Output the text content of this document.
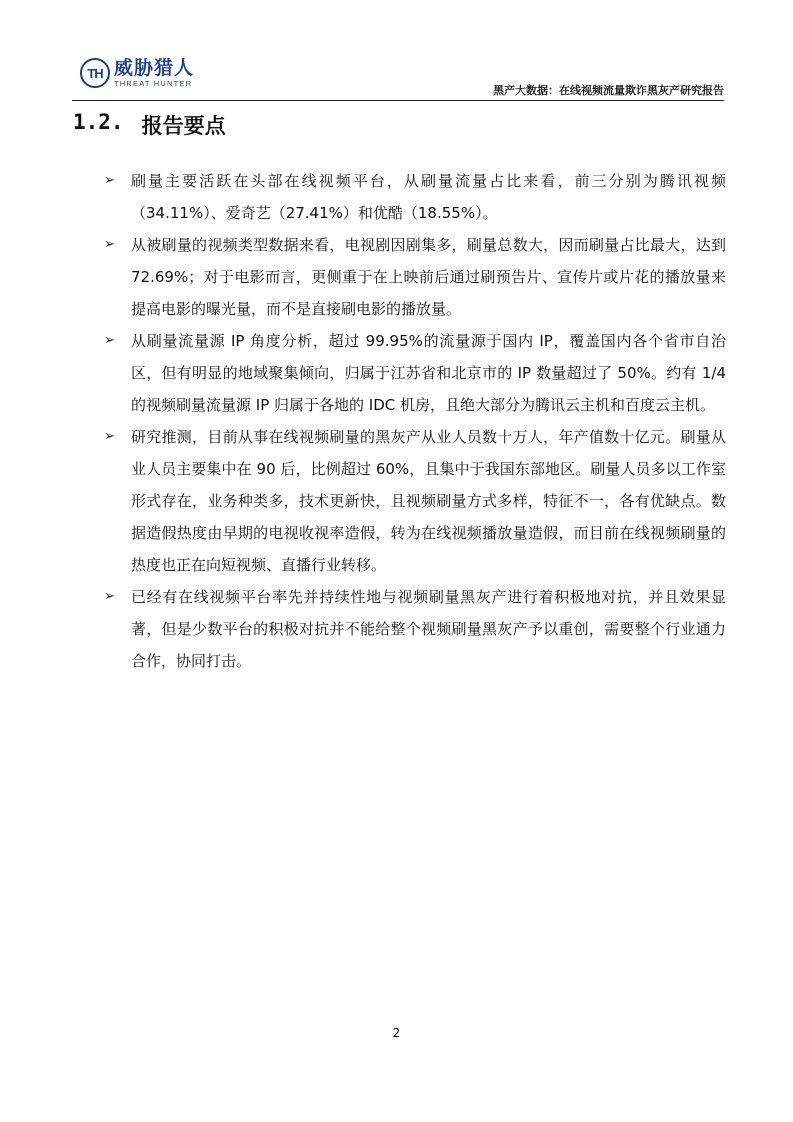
TH 威胁猎人
THREAT HUNTER
黑产大数据：在线视频流量欺诈黑灰产研究报告
1.2. 报告要点
➢ 刷量主要活跃在头部在线视频平台，从刷量流量占比来看，前三分别为腾讯视频（34.11%）、爱奇艺（27.41%）和优酷（18.55%）。
➢ 从被刷量的视频类型数据来看，电视剧因剧集多，刷量总数大，因而刷量占比最大，达到 72.69%；对于电影而言，更侧重于在上映前后通过刷预告片、宣传片或片花的播放量来提高电影的曝光量，而不是直接刷电影的播放量。
➢ 从刷量流量源 IP 角度分析，超过 99.95%的流量源于国内 IP，覆盖国内各个省市自治区，但有明显的地域聚集倾向，归属于江苏省和北京市的 IP 数量超过了 50%。约有 1/4 的视频刷量流量源 IP 归属于各地的 IDC 机房，且绝大部分为腾讯云主机和百度云主机。
➢ 研究推测，目前从事在线视频刷量的黑灰产从业人员数十万人，年产值数十亿元。刷量从业人员主要集中在 90 后，比例超过 60%，且集中于我国东部地区。刷量人员多以工作室形式存在，业务种类多，技术更新快，且视频刷量方式多样，特征不一，各有优缺点。数据造假热度由早期的电视收视率造假，转为在线视频播放量造假，而目前在线视频刷量的热度也正在向短视频、直播行业转移。
➢ 已经有在线视频平台率先并持续性地与视频刷量黑灰产进行着积极地对抗，并且效果显著，但是少数平台的积极对抗并不能给整个视频刷量黑灰产予以重创，需要整个行业通力合作，协同打击。
2
